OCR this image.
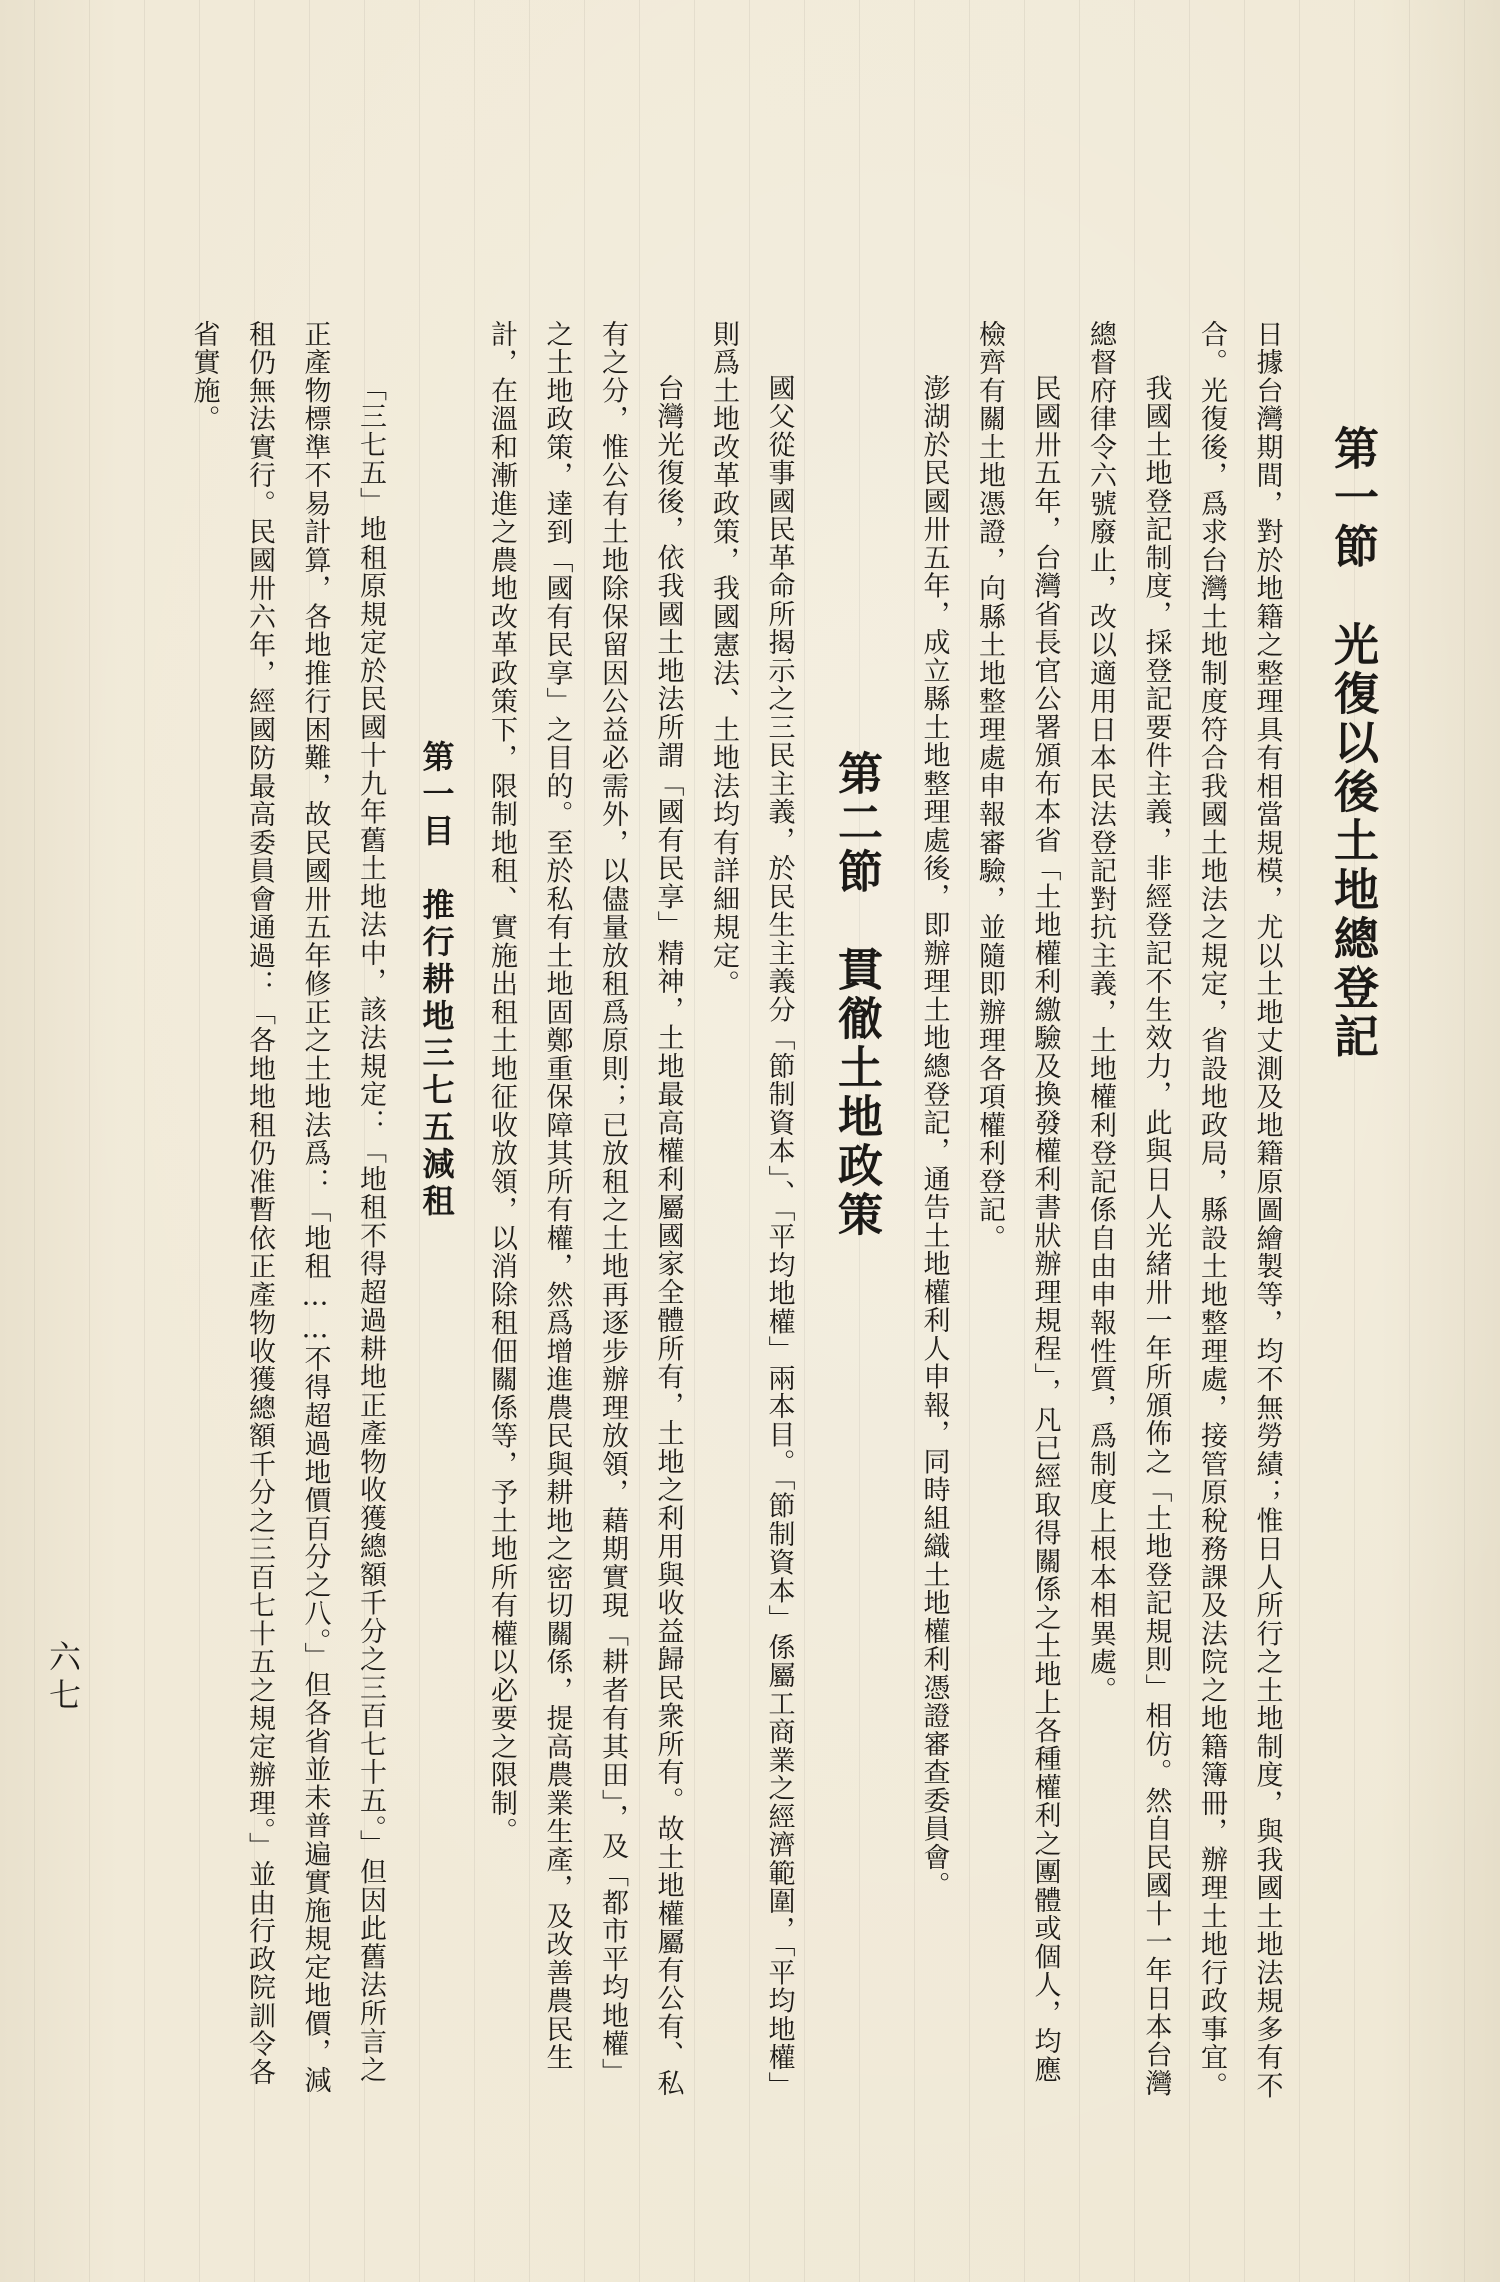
第一節　光復以後土地總登記

日據台灣期間，對於地籍之整理具有相當規模，尤以土地丈測及地籍原圖繪製等，均不無勞績；惟日人所行之土地制度，與我國土地法規多有不合。光復後，爲求台灣土地制度符合我國土地法之規定，省設地政局，縣設土地整理處，接管原稅務課及法院之地籍簿冊，辦理土地行政事宜。

我國土地登記制度，採登記要件主義，非經登記不生效力，此與日人光緒卅一年所頒佈之「土地登記規則」相仿。然自民國十一年日本台灣總督府律令六號廢止，改以適用日本民法登記對抗主義，土地權利登記係自由申報性質，爲制度上根本相異處。

民國卅五年，台灣省長官公署頒布本省「土地權利繳驗及換發權利書狀辦理規程」，凡已經取得關係之土地上各種權利之團體或個人，均應檢齊有關土地憑證，向縣土地整理處申報審驗，並隨即辦理各項權利登記。

澎湖於民國卅五年，成立縣土地整理處後，即辦理土地總登記，通告土地權利人申報，同時組織土地權利憑證審查委員會。

第二節　貫徹土地政策

國父從事國民革命所揭示之三民主義，於民生主義分「節制資本」、「平均地權」兩本目。「節制資本」係屬工商業之經濟範圍，「平均地權」則爲土地改革政策，我國憲法、土地法均有詳細規定。

台灣光復後，依我國土地法所謂「國有民享」精神，土地最高權利屬國家全體所有，土地之利用與收益歸民衆所有。故土地權屬有公有、私有之分，惟公有土地除保留因公益必需外，以儘量放租爲原則；已放租之土地再逐步辦理放領，藉期實現「耕者有其田」，及「都市平均地權」之土地政策，達到「國有民享」之目的。至於私有土地固鄭重保障其所有權，然爲增進農民與耕地之密切關係，提高農業生產，及改善農民生計，在溫和漸進之農地改革政策下，限制地租、實施出租土地征收放領，以消除租佃關係等，予土地所有權以必要之限制。

第一目　推行耕地三七五減租

「三七五」地租原規定於民國十九年舊土地法中，該法規定：「地租不得超過耕地正產物收獲總額千分之三百七十五。」但因此舊法所言之正產物標準不易計算，各地推行困難，故民國卅五年修正之土地法爲：「地租……不得超過地價百分之八。」但各省並未普遍實施規定地價，減租仍無法實行。民國卅六年，經國防最高委員會通過：「各地地租仍准暫依正產物收獲總額千分之三百七十五之規定辦理。」並由行政院訓令各省實施。

六七
